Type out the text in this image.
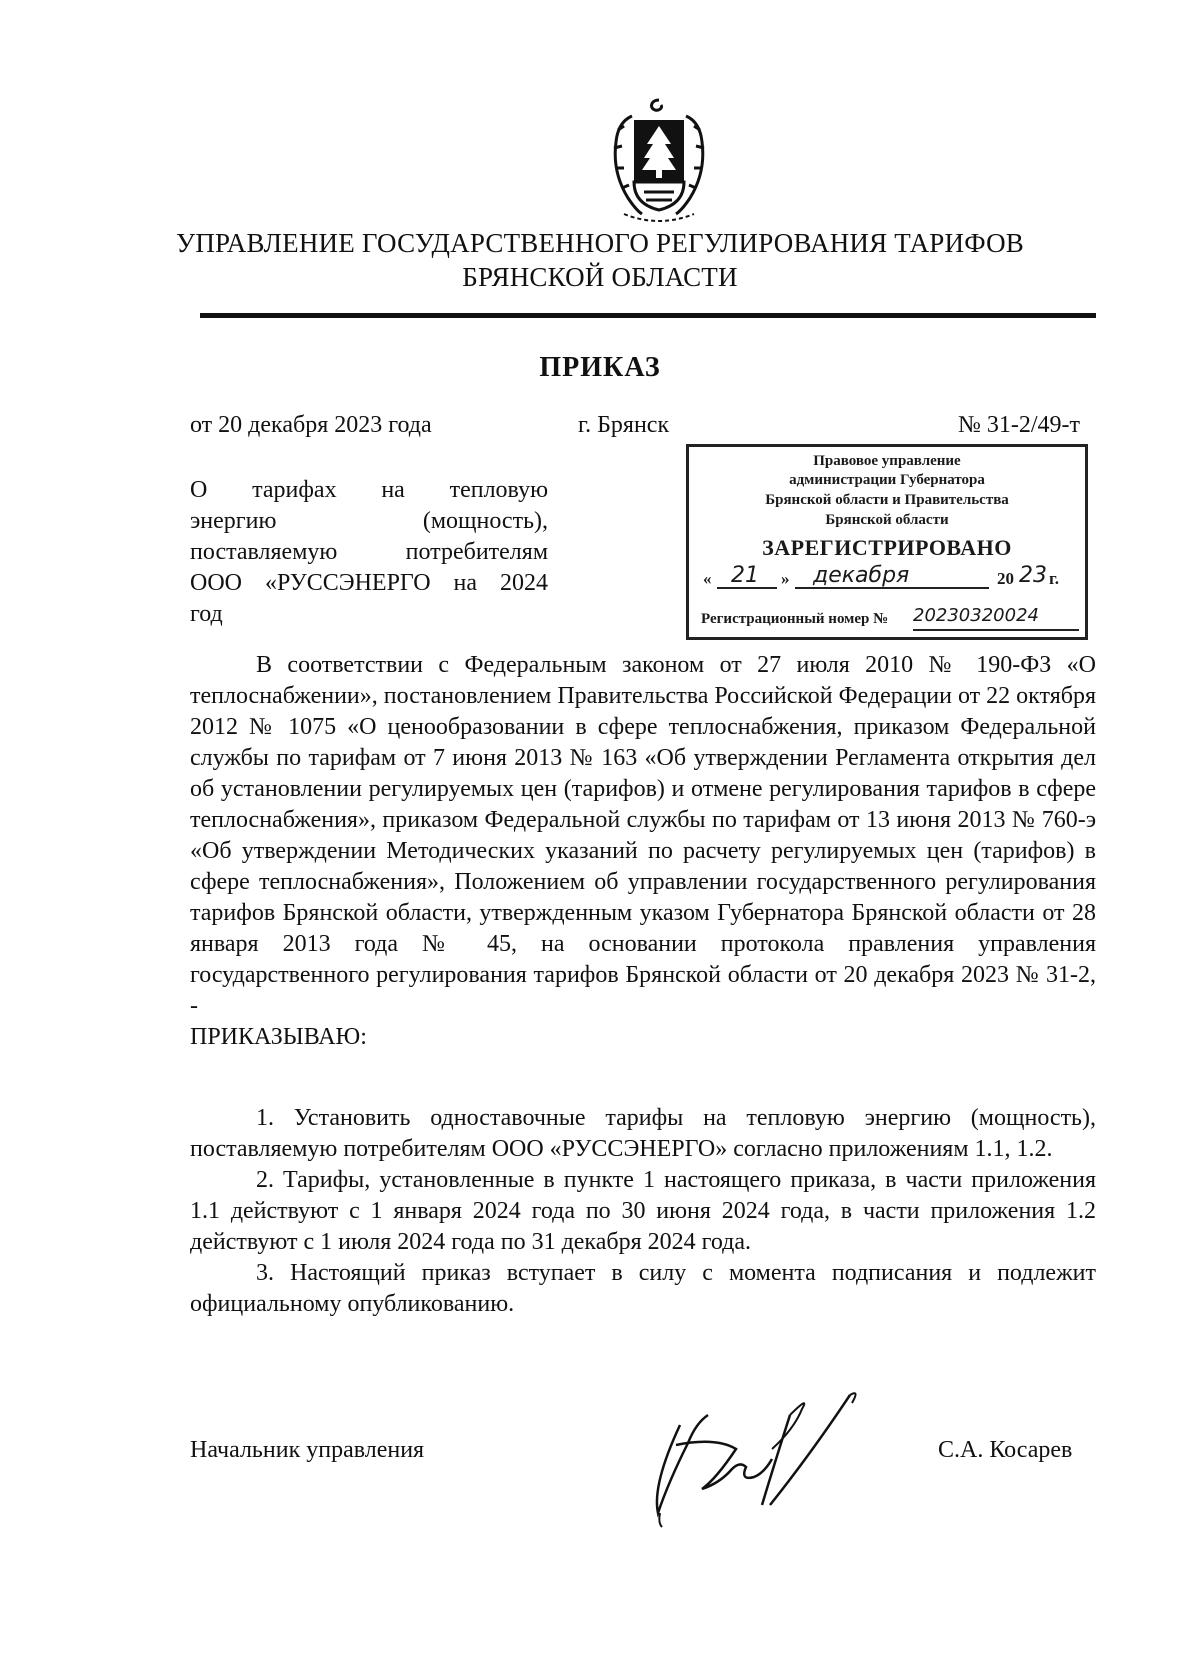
УПРАВЛЕНИЕ ГОСУДАРСТВЕННОГО РЕГУЛИРОВАНИЯ ТАРИФОВ
БРЯНСКОЙ ОБЛАСТИ
ПРИКАЗ
от 20 декабря 2023 года	г. Брянск	№ 31-2/49-т
О тарифах на тепловую
энергию (мощность),
поставляемую потребителям
ООО «РУССЭНЕРГО на 2024
год
Правовое управление
администрации Губернатора
Брянской области и Правительства
Брянской области
ЗАРЕГИСТРИРОВАНО
« 21 » декабря	20 23 г.
Регистрационный номер № 20230320024

В соответствии с Федеральным законом от 27 июля 2010 № 190-ФЗ «О теплоснабжении», постановлением Правительства Российской Федерации от 22 октября 2012 № 1075 «О ценообразовании в сфере теплоснабжения, приказом Федеральной службы по тарифам от 7 июня 2013 № 163 «Об утверждении Регламента открытия дел об установлении регулируемых цен (тарифов) и отмене регулирования тарифов в сфере теплоснабжения», приказом Федеральной службы по тарифам от 13 июня 2013 № 760-э «Об утверждении Методических указаний по расчету регулируемых цен (тарифов) в сфере теплоснабжения», Положением об управлении государственного регулирования тарифов Брянской области, утвержденным указом Губернатора Брянской области от 28 января 2013 года № 45, на основании протокола правления управления государственного регулирования тарифов Брянской области от 20 декабря 2023 № 31-2, -

ПРИКАЗЫВАЮ:

1. Установить одноставочные тарифы на тепловую энергию (мощность), поставляемую потребителям ООО «РУССЭНЕРГО» согласно приложениям 1.1, 1.2.

2. Тарифы, установленные в пункте 1 настоящего приказа, в части приложения 1.1 действуют с 1 января 2024 года по 30 июня 2024 года, в части приложения 1.2 действуют с 1 июля 2024 года по 31 декабря 2024 года.

3. Настоящий приказ вступает в силу с момента подписания и подлежит официальному опубликованию.

Начальник управления	С.А. Косарев
